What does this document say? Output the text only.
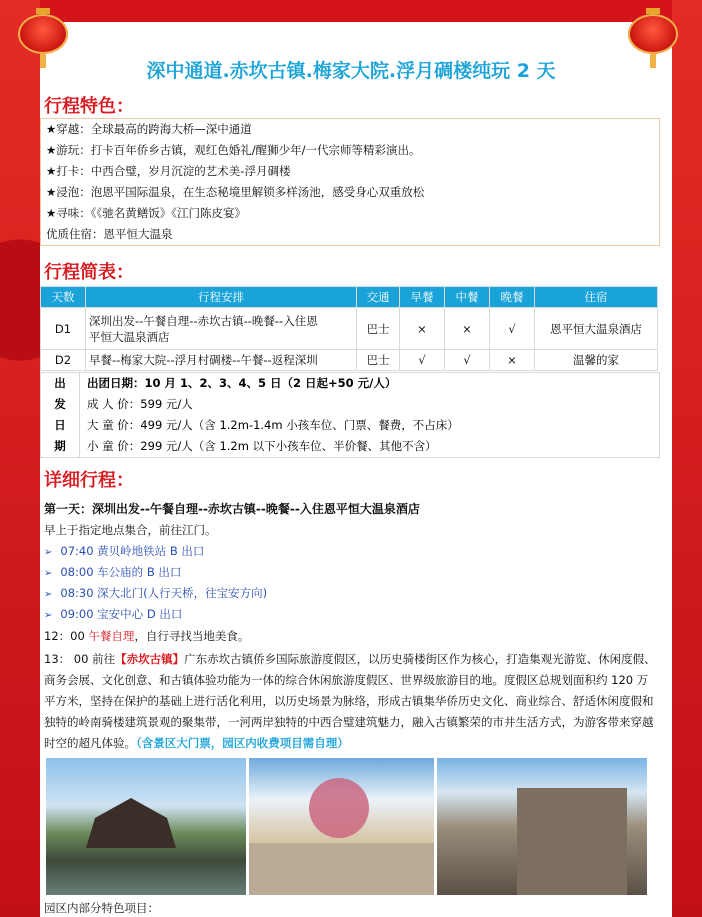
深中通道.赤坎古镇.梅家大院.浮月碉楼纯玩 2 天
行程特色：
★穿越：全球最高的跨海大桥—深中通道
★游玩：打卡百年侨乡古镇，观红色婚礼/醒狮少年/一代宗师等精彩演出。
★打卡：中西合璧，岁月沉淀的艺术美-浮月碉楼
★浸泡：泡恩平国际温泉，在生态秘境里解锁多样汤池，感受身心双重放松
★寻味：《《驰名黄鳝饭》《江门陈皮宴》
优质住宿：恩平恒大温泉
行程简表：
天数	行程安排	交通	早餐	中餐	晚餐	住宿
D1	深圳出发--午餐自理--赤坎古镇--晚餐--入住恩
平恒大温泉酒店	巴士	×	×	√	恩平恒大温泉酒店
D2	早餐--梅家大院--浮月村碉楼--午餐--返程深圳	巴士	√	√	×	温馨的家
出
发
日
期
出团日期：10 月 1、2、3、4、5 日（2 日起+50 元/人）
成 人 价：599 元/人
大 童 价：499 元/人（含 1.2m-1.4m 小孩车位、门票、餐费，不占床）
小 童 价：299 元/人（含 1.2m 以下小孩车位、半价餐、其他不含）
详细行程：
第一天：深圳出发--午餐自理--赤坎古镇--晚餐--入住恩平恒大温泉酒店
早上于指定地点集合，前往江门。
➢ 07:40 黄贝岭地铁站 B 出口
➢ 08:00 车公庙的 B 出口
➢ 08:30 深大北门(人行天桥，往宝安方向)
➢ 09:00 宝安中心 D 出口
12：00 午餐自理，自行寻找当地美食。
13： 00 前往【赤坎古镇】广东赤坎古镇侨乡国际旅游度假区，以历史骑楼街区作为核心，打造集观光游览、休闲度假、商务会展、文化创意、和古镇体验功能为一体的综合休闲旅游度假区、世界级旅游目的地。度假区总规划面积约 120 万平方米，坚持在保护的基础上进行活化利用，以历史场景为脉络，形成古镇集华侨历史文化、商业综合、舒适休闲度假和独特的岭南骑楼建筑景观的聚集带，一河两岸独特的中西合璧建筑魅力，融入古镇繁荣的市井生活方式，为游客带来穿越时空的超凡体验。（含景区大门票，园区内收费项目需自理）
园区内部分特色项目：
